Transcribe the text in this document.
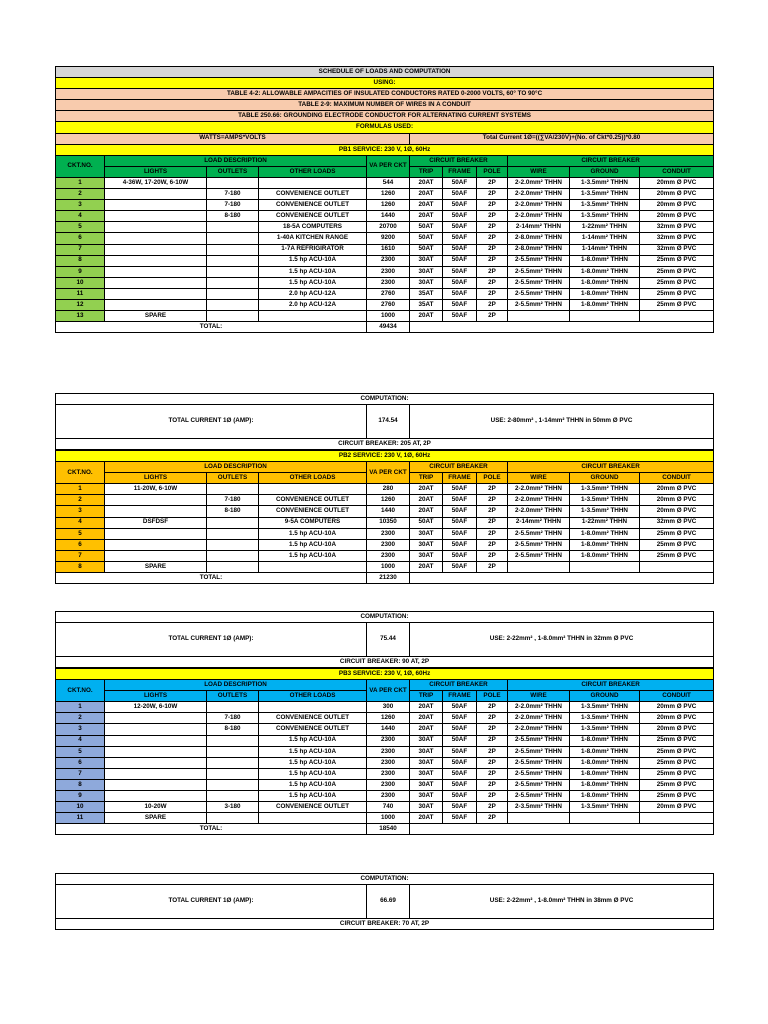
SCHEDULE OF LOADS AND COMPUTATION										
USING:										
TABLE 4-2: ALLOWABLE AMPACITIES OF INSULATED CONDUCTORS RATED 0-2000 VOLTS, 60° TO 90°C										
TABLE 2-9: MAXIMUM NUMBER OF WIRES IN A CONDUIT										
TABLE 250.66: GROUNDING ELECTRODE CONDUCTOR FOR ALTERNATING CURRENT SYSTEMS										
FORMULAS USED:										
WATTS=AMPS*VOLTS					Total Current 1Ø=((∑VA/230V)+(No. of Ckt*0.25))*0.80					
PB1 SERVICE: 230 V, 1Ø, 60Hz										
CKT.NO.	LOAD DESCRIPTION			VA PER CKT	CIRCUIT BREAKER			CIRCUIT BREAKER		
	LIGHTS	OUTLETS	OTHER LOADS		TRIP	FRAME	POLE	WIRE	GROUND	CONDUIT
1	4-36W, 17-20W, 6-10W			544	20AT	50AF	2P	2-2.0mm² THHN	1-3.5mm² THHN	20mm Ø PVC
2		7-180	CONVENIENCE OUTLET	1260	20AT	50AF	2P	2-2.0mm² THHN	1-3.5mm² THHN	20mm Ø PVC
3		7-180	CONVENIENCE OUTLET	1260	20AT	50AF	2P	2-2.0mm² THHN	1-3.5mm² THHN	20mm Ø PVC
4		8-180	CONVENIENCE OUTLET	1440	20AT	50AF	2P	2-2.0mm² THHN	1-3.5mm² THHN	20mm Ø PVC
5			18-5A COMPUTERS	20700	50AT	50AF	2P	2-14mm² THHN	1-22mm² THHN	32mm Ø PVC
6			1-40A KITCHEN RANGE	9200	50AT	50AF	2P	2-8.0mm² THHN	1-14mm² THHN	32mm Ø PVC
7			1-7A REFRIGIRATOR	1610	50AT	50AF	2P	2-8.0mm² THHN	1-14mm² THHN	32mm Ø PVC
8			1.5 hp ACU-10A	2300	30AT	50AF	2P	2-5.5mm² THHN	1-8.0mm² THHN	25mm Ø PVC
9			1.5 hp ACU-10A	2300	30AT	50AF	2P	2-5.5mm² THHN	1-8.0mm² THHN	25mm Ø PVC
10			1.5 hp ACU-10A	2300	30AT	50AF	2P	2-5.5mm² THHN	1-8.0mm² THHN	25mm Ø PVC
11			2.0 hp ACU-12A	2760	35AT	50AF	2P	2-5.5mm² THHN	1-8.0mm² THHN	25mm Ø PVC
12			2.0 hp ACU-12A	2760	35AT	50AF	2P	2-5.5mm² THHN	1-8.0mm² THHN	25mm Ø PVC
13	SPARE			1000	20AT	50AF	2P			
TOTAL:				49434						
COMPUTATION:
TOTAL CURRENT 1Ø (AMP):	174.54	USE: 2-80mm² , 1-14mm² THHN in 50mm Ø PVC
CIRCUIT BREAKER: 205 AT, 2P
PB2 SERVICE: 230 V, 1Ø, 60Hz										
CKT.NO.	LOAD DESCRIPTION			VA PER CKT	CIRCUIT BREAKER			CIRCUIT BREAKER		
	LIGHTS	OUTLETS	OTHER LOADS		TRIP	FRAME	POLE	WIRE	GROUND	CONDUIT
1	11-20W, 6-10W			280	20AT	50AF	2P	2-2.0mm² THHN	1-3.5mm² THHN	20mm Ø PVC
2		7-180	CONVENIENCE OUTLET	1260	20AT	50AF	2P	2-2.0mm² THHN	1-3.5mm² THHN	20mm Ø PVC
3		8-180	CONVENIENCE OUTLET	1440	20AT	50AF	2P	2-2.0mm² THHN	1-3.5mm² THHN	20mm Ø PVC
4	DSFDSF		9-5A COMPUTERS	10350	50AT	50AF	2P	2-14mm² THHN	1-22mm² THHN	32mm Ø PVC
5			1.5 hp ACU-10A	2300	30AT	50AF	2P	2-5.5mm² THHN	1-8.0mm² THHN	25mm Ø PVC
6			1.5 hp ACU-10A	2300	30AT	50AF	2P	2-5.5mm² THHN	1-8.0mm² THHN	25mm Ø PVC
7			1.5 hp ACU-10A	2300	30AT	50AF	2P	2-5.5mm² THHN	1-8.0mm² THHN	25mm Ø PVC
8	SPARE			1000	20AT	50AF	2P			
TOTAL:				21230						
COMPUTATION:
TOTAL CURRENT 1Ø (AMP):	75.44	USE: 2-22mm² , 1-8.0mm² THHN in 32mm Ø PVC
CIRCUIT BREAKER: 90 AT, 2P
PB3 SERVICE: 230 V, 1Ø, 60Hz										
CKT.NO.	LOAD DESCRIPTION			VA PER CKT	CIRCUIT BREAKER			CIRCUIT BREAKER		
	LIGHTS	OUTLETS	OTHER LOADS		TRIP	FRAME	POLE	WIRE	GROUND	CONDUIT
1	12-20W, 6-10W			300	20AT	50AF	2P	2-2.0mm² THHN	1-3.5mm² THHN	20mm Ø PVC
2		7-180	CONVENIENCE OUTLET	1260	20AT	50AF	2P	2-2.0mm² THHN	1-3.5mm² THHN	20mm Ø PVC
3		8-180	CONVENIENCE OUTLET	1440	20AT	50AF	2P	2-2.0mm² THHN	1-3.5mm² THHN	20mm Ø PVC
4			1.5 hp ACU-10A	2300	30AT	50AF	2P	2-5.5mm² THHN	1-8.0mm² THHN	25mm Ø PVC
5			1.5 hp ACU-10A	2300	30AT	50AF	2P	2-5.5mm² THHN	1-8.0mm² THHN	25mm Ø PVC
6			1.5 hp ACU-10A	2300	30AT	50AF	2P	2-5.5mm² THHN	1-8.0mm² THHN	25mm Ø PVC
7			1.5 hp ACU-10A	2300	30AT	50AF	2P	2-5.5mm² THHN	1-8.0mm² THHN	25mm Ø PVC
8			1.5 hp ACU-10A	2300	30AT	50AF	2P	2-5.5mm² THHN	1-8.0mm² THHN	25mm Ø PVC
9			1.5 hp ACU-10A	2300	30AT	50AF	2P	2-5.5mm² THHN	1-8.0mm² THHN	25mm Ø PVC
10	10-20W	3-180	CONVENIENCE OUTLET	740	30AT	50AF	2P	2-3.5mm² THHN	1-3.5mm² THHN	20mm Ø PVC
11	SPARE			1000	20AT	50AF	2P			
TOTAL:				18540						
COMPUTATION:
TOTAL CURRENT 1Ø (AMP):	66.69	USE: 2-22mm² , 1-8.0mm² THHN in 38mm Ø PVC
CIRCUIT BREAKER: 70 AT, 2P
